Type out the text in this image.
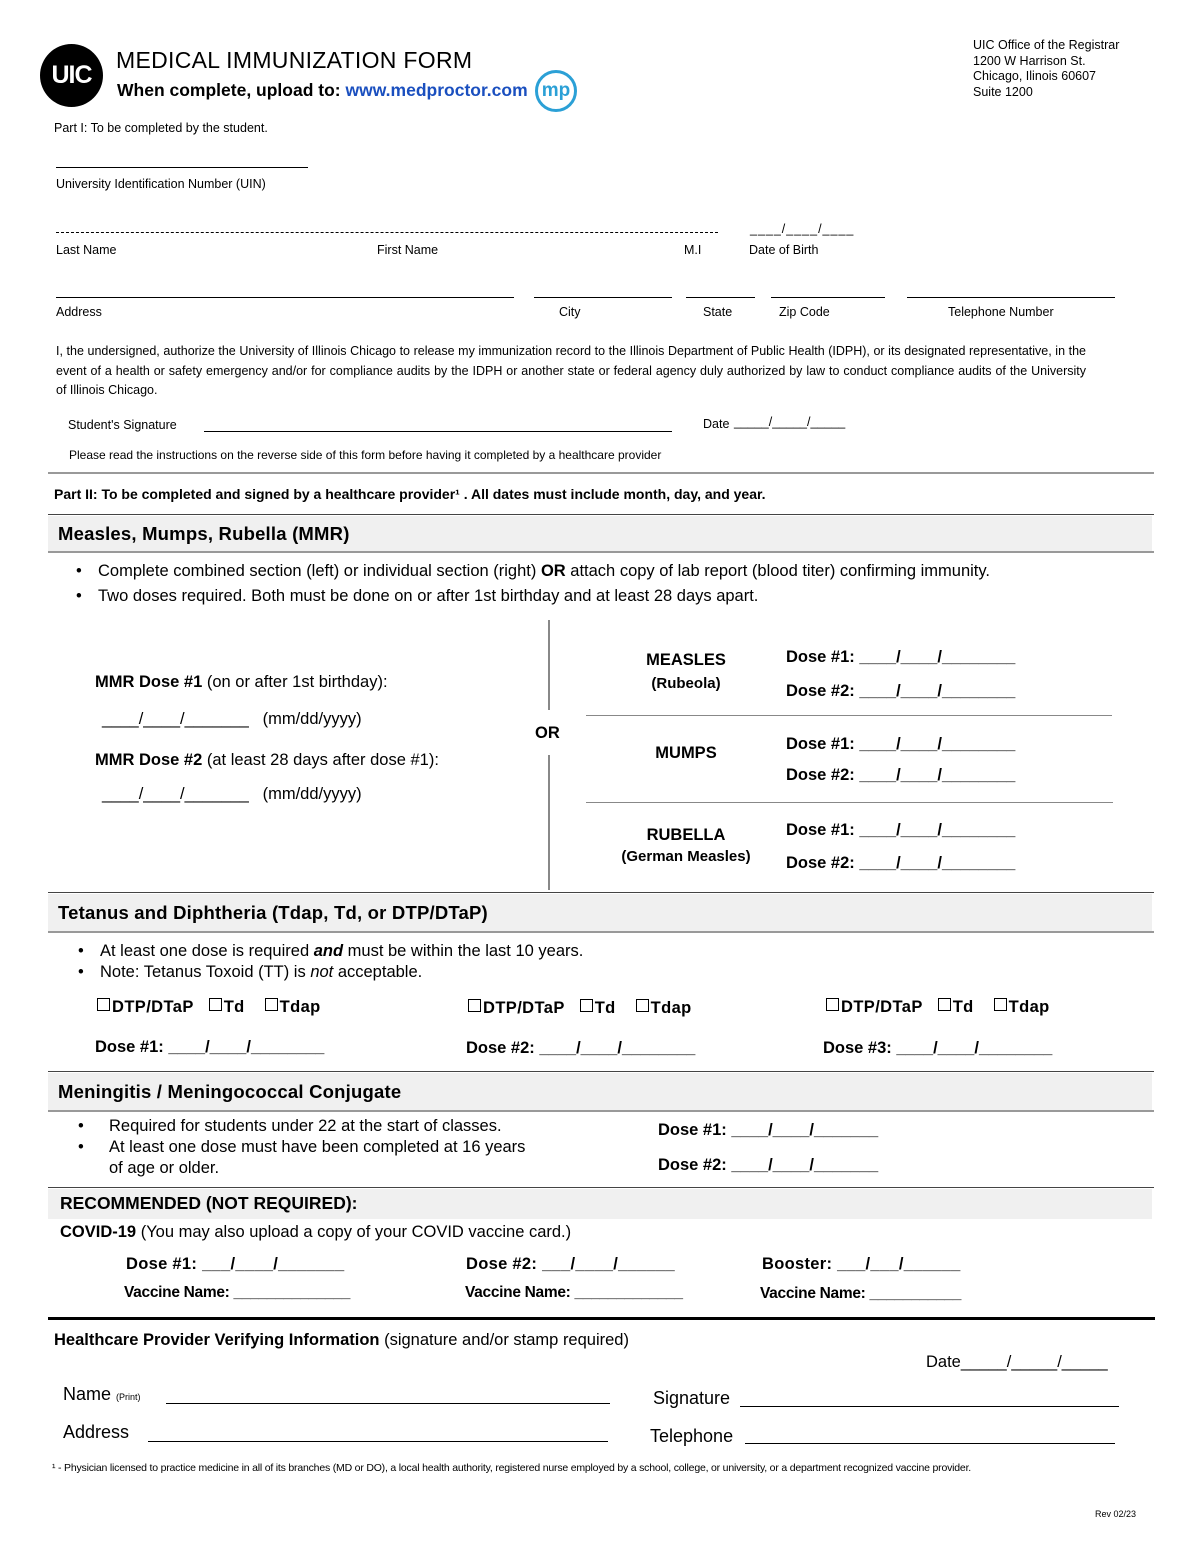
UIC
MEDICAL IMMUNIZATION FORM
When complete, upload to: www.medproctor.com mp
UIC Office of the Registrar
1200 W Harrison St.
Chicago, Ilinois 60607
Suite 1200
Part I: To be completed by the student.
University Identification Number (UIN)
____/____/____
Last Name	First Name	M.I	Date of Birth
Address	City	State	Zip Code	Telephone Number
I, the undersigned, authorize the University of Illinois Chicago to release my immunization record to the Illinois Department of Public Health (IDPH), or its designated representative, in the event of a health or safety emergency and/or for compliance audits by the IDPH or another state or federal agency duly authorized by law to conduct compliance audits of the University of Illinois Chicago.
Student's Signature	Date _____/_____/_____
Please read the instructions on the reverse side of this form before having it completed by a healthcare provider
Part II: To be completed and signed by a healthcare provider¹ . All dates must include month, day, and year.
Measles, Mumps, Rubella (MMR)
• Complete combined section (left) or individual section (right) OR attach copy of lab report (blood titer) confirming immunity.
• Two doses required. Both must be done on or after 1st birthday and at least 28 days apart.
MMR Dose #1 (on or after 1st birthday):
____/____/_______ (mm/dd/yyyy)
MMR Dose #2 (at least 28 days after dose #1):
____/____/_______ (mm/dd/yyyy)
OR
MEASLES
(Rubeola)
Dose #1: ____/____/________
Dose #2: ____/____/________
MUMPS	Dose #1: ____/____/________
Dose #2: ____/____/________
RUBELLA
(German Measles)
Dose #1: ____/____/________
Dose #2: ____/____/________
Tetanus and Diphtheria (Tdap, Td, or DTP/DTaP)
• At least one dose is required and must be within the last 10 years.
• Note: Tetanus Toxoid (TT) is not acceptable.
DTP/DTaP Td Tdap	DTP/DTaP Td Tdap	DTP/DTaP Td Tdap
Dose #1: ____/____/________	Dose #2: ____/____/________	Dose #3: ____/____/________
Meningitis / Meningococcal Conjugate
• Required for students under 22 at the start of classes.
• At least one dose must have been completed at 16 years
of age or older.
Dose #1: ____/____/_______
Dose #2: ____/____/_______
RECOMMENDED (NOT REQUIRED):
COVID-19 (You may also upload a copy of your COVID vaccine card.)
Dose #1: ___/____/_______	Dose #2: ___/____/______	Booster: ___/___/______
Vaccine Name: ______________	Vaccine Name: _____________	Vaccine Name: ___________
Healthcare Provider Verifying Information (signature and/or stamp required)
Date_____/_____/_____
Name (Print)	Signature
Address	Telephone
¹ - Physician licensed to practice medicine in all of its branches (MD or DO), a local health authority, registered nurse employed by a school, college, or university, or a department recognized vaccine provider.
Rev 02/23
